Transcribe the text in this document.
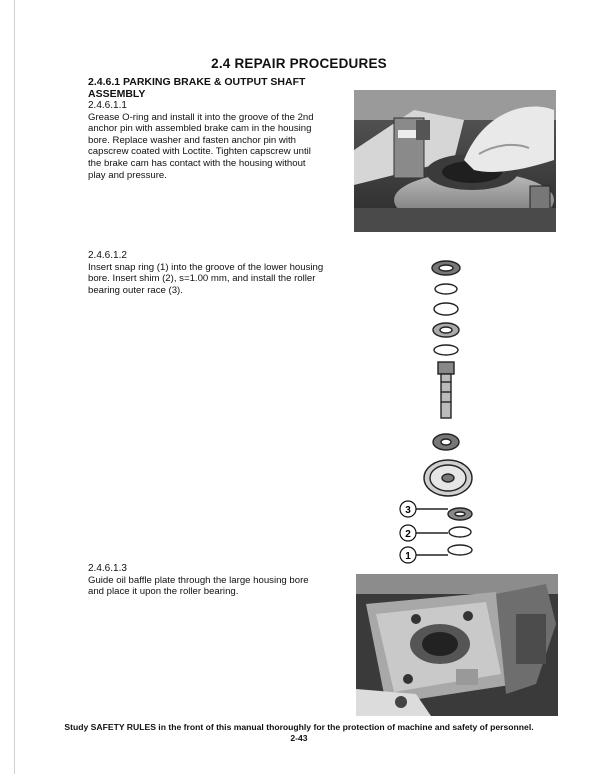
2.4 REPAIR PROCEDURES
2.4.6.1 PARKING BRAKE & OUTPUT SHAFT
ASSEMBLY
2.4.6.1.1
Grease O-ring and install it into the groove of the 2nd
anchor pin with assembled brake cam in the housing
bore. Replace washer and fasten anchor pin with
capscrew coated with Loctite. Tighten capscrew until
the brake cam has contact with the housing without
play and pressure.
2.4.6.1.2
Insert snap ring (1) into the groove of the lower housing
bore. Insert shim (2), s=1.00 mm, and install the roller
bearing outer race (3).
2.4.6.1.3
Guide oil baffle plate through the large housing bore
and place it upon the roller bearing.
3
2
1
Study SAFETY RULES in the front of this manual thoroughly for the protection of machine and safety of personnel.
2-43
